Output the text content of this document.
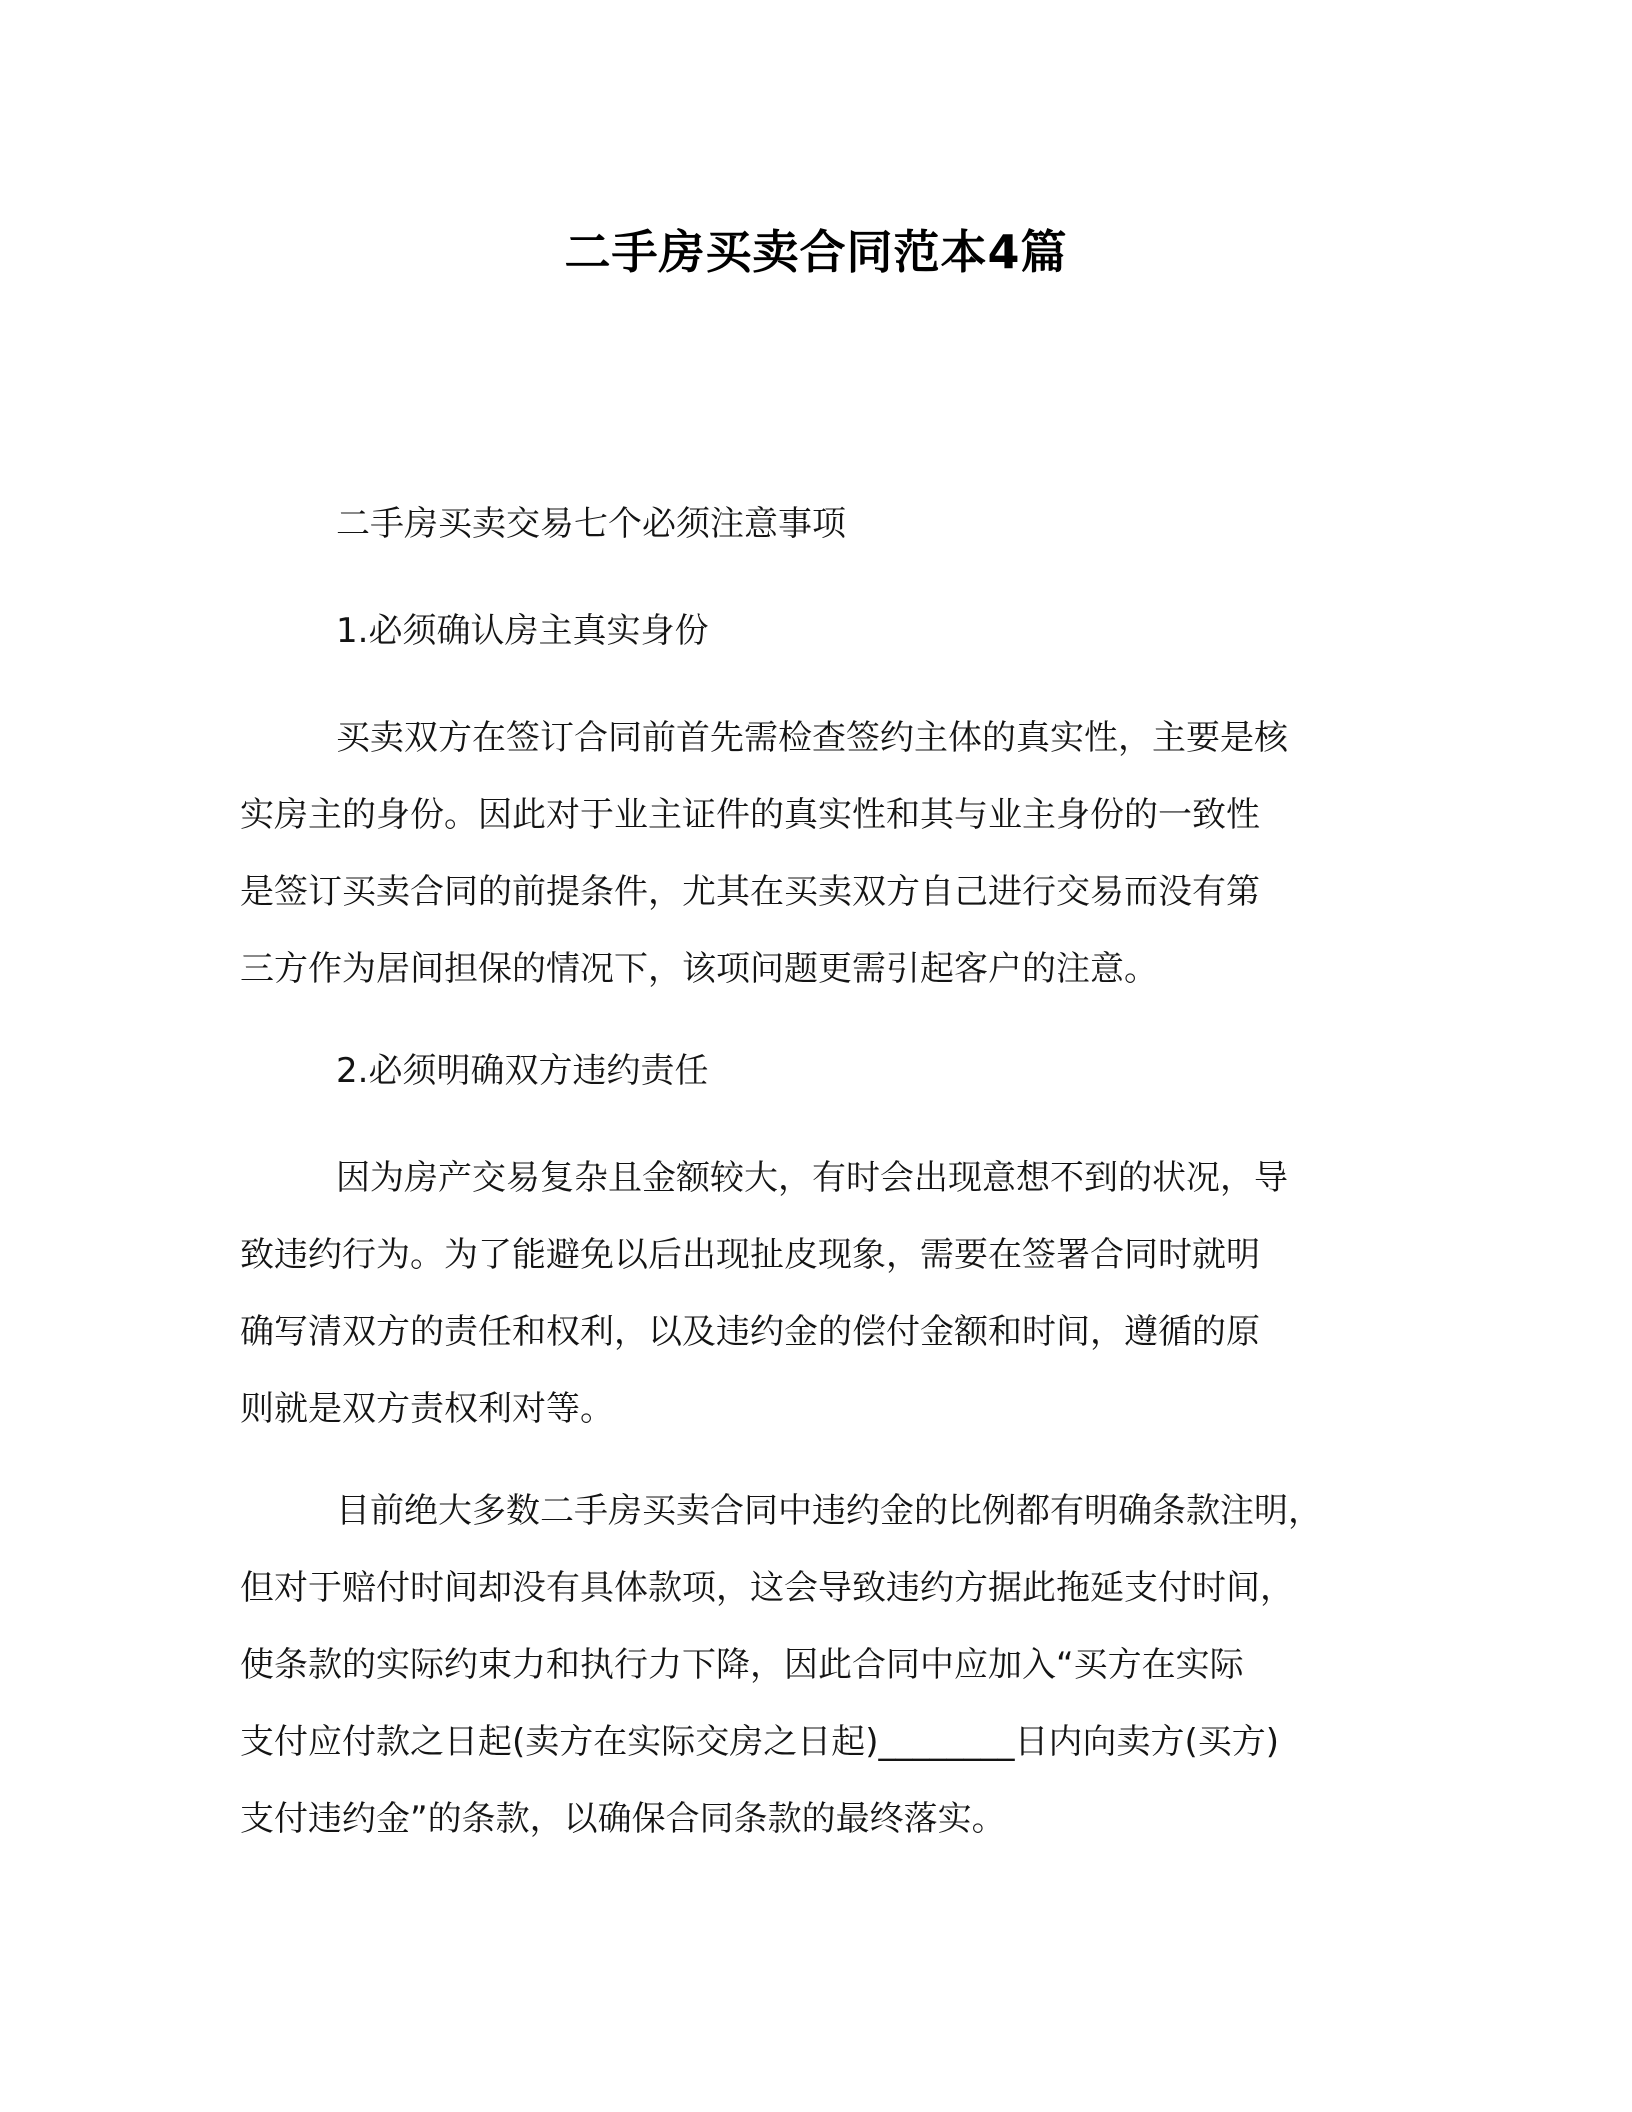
二手房买卖合同范本4篇

二手房买卖交易七个必须注意事项

1.必须确认房主真实身份

买卖双方在签订合同前首先需检查签约主体的真实性，主要是核
实房主的身份。因此对于业主证件的真实性和其与业主身份的一致性
是签订买卖合同的前提条件，尤其在买卖双方自己进行交易而没有第
三方作为居间担保的情况下，该项问题更需引起客户的注意。

2.必须明确双方违约责任

因为房产交易复杂且金额较大，有时会出现意想不到的状况，导
致违约行为。为了能避免以后出现扯皮现象，需要在签署合同时就明
确写清双方的责任和权利，以及违约金的偿付金额和时间，遵循的原
则就是双方责权利对等。

目前绝大多数二手房买卖合同中违约金的比例都有明确条款注明，
但对于赔付时间却没有具体款项，这会导致违约方据此拖延支付时间，
使条款的实际约束力和执行力下降，因此合同中应加入“买方在实际
支付应付款之日起(卖方在实际交房之日起)________日内向卖方(买方)
支付违约金”的条款，以确保合同条款的最终落实。
